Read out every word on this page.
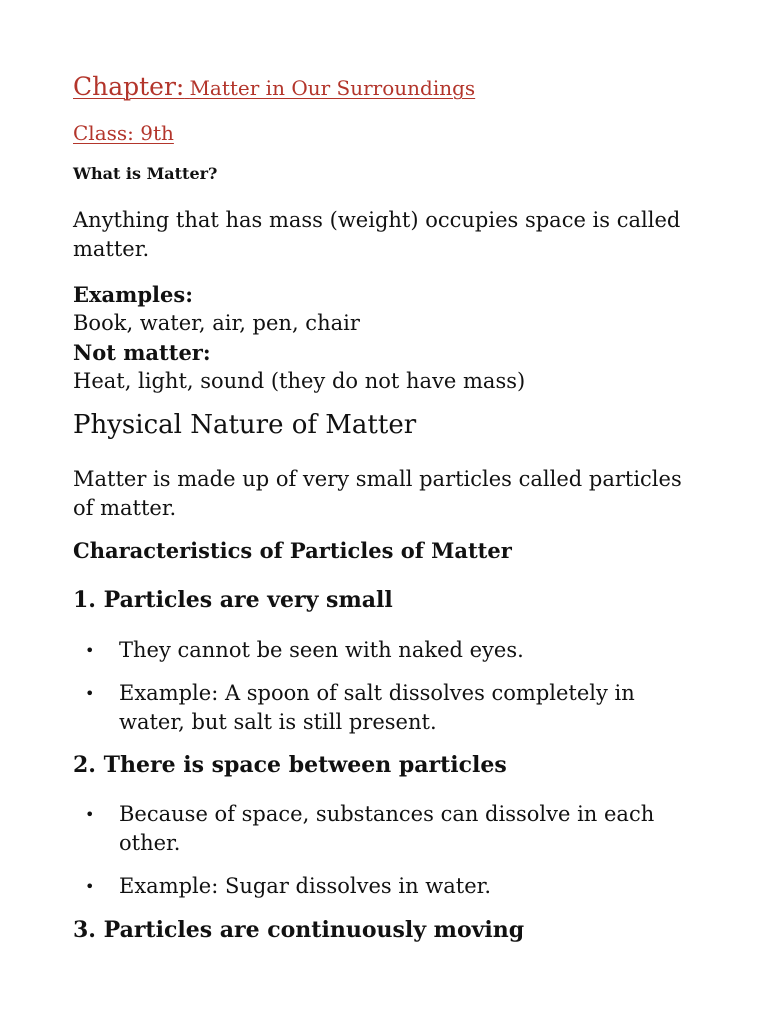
Chapter: Matter in Our Surroundings
Class: 9th
What is Matter?
Anything that has mass (weight) occupies space is called matter.
Examples:
Book, water, air, pen, chair
Not matter:
Heat, light, sound (they do not have mass)
Physical Nature of Matter
Matter is made up of very small particles called particles of matter.
Characteristics of Particles of Matter
1. Particles are very small
• They cannot be seen with naked eyes.
• Example: A spoon of salt dissolves completely in water, but salt is still present.
2. There is space between particles
• Because of space, substances can dissolve in each other.
• Example: Sugar dissolves in water.
3. Particles are continuously moving
